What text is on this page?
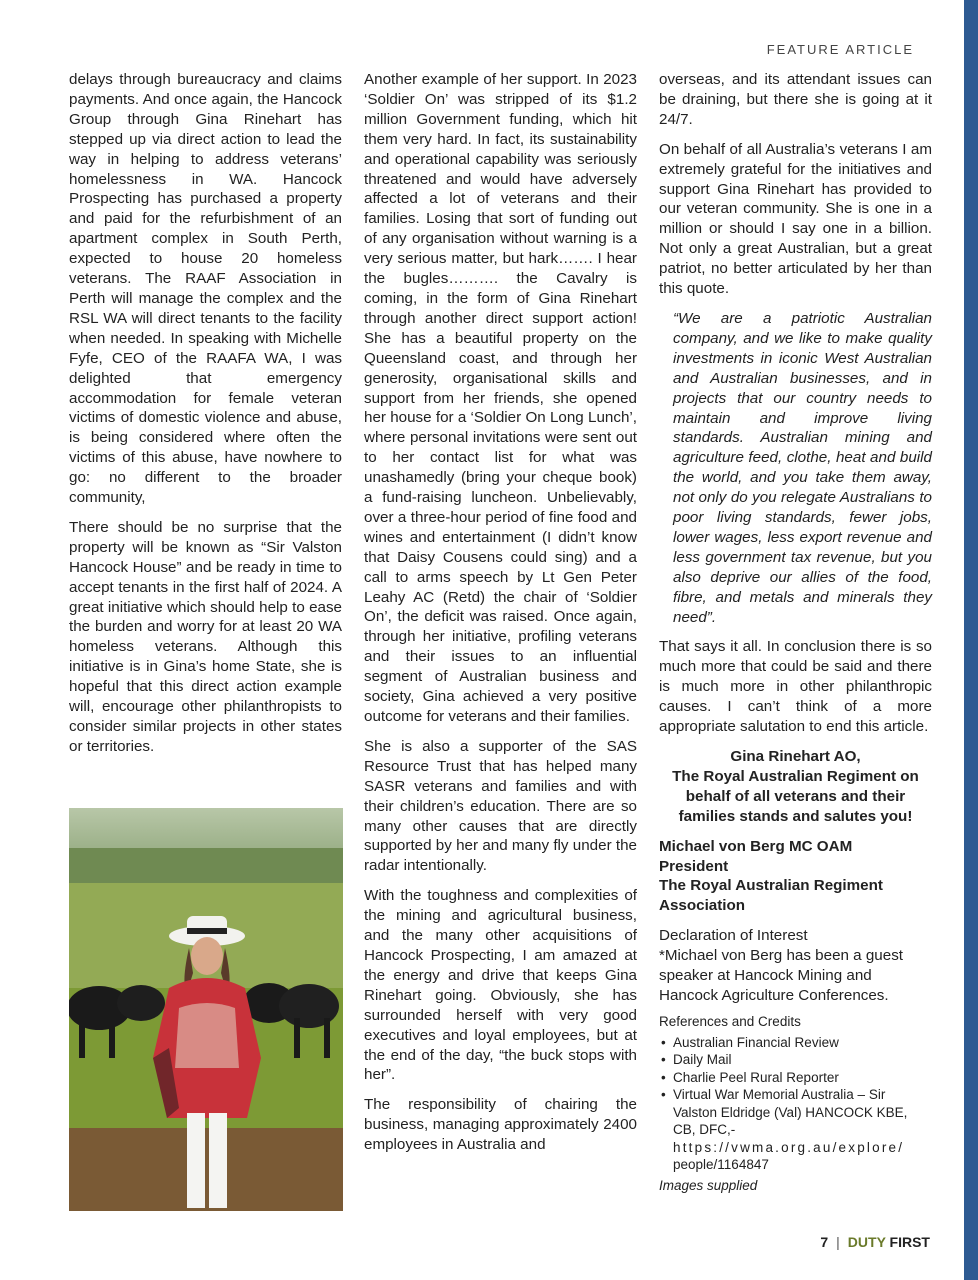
FEATURE ARTICLE

delays through bureaucracy and claims payments. And once again, the Hancock Group through Gina Rinehart has stepped up via direct action to lead the way in helping to address veterans’ homelessness in WA. Hancock Prospecting has purchased a property and paid for the refurbishment of an apartment complex in South Perth, expected to house 20 homeless veterans. The RAAF Association in Perth will manage the complex and the RSL WA will direct tenants to the facility when needed. In speaking with Michelle Fyfe, CEO of the RAAFA WA, I was delighted that emergency accommodation for female veteran victims of domestic violence and abuse, is being considered where often the victims of this abuse, have nowhere to go: no different to the broader community,

There should be no surprise that the property will be known as “Sir Valston Hancock House” and be ready in time to accept tenants in the first half of 2024. A great initiative which should help to ease the burden and worry for at least 20 WA homeless veterans. Although this initiative is in Gina’s home State, she is hopeful that this direct action example will, encourage other philanthropists to consider similar projects in other states or territories.

Another example of her support. In 2023 ‘Soldier On’ was stripped of its $1.2 million Government funding, which hit them very hard. In fact, its sustainability and operational capability was seriously threatened and would have adversely affected a lot of veterans and their families. Losing that sort of funding out of any organisation without warning is a very serious matter, but hark……. I hear the bugles………. the Cavalry is coming, in the form of Gina Rinehart through another direct support action! She has a beautiful property on the Queensland coast, and through her generosity, organisational skills and support from her friends, she opened her house for a ‘Soldier On Long Lunch’, where personal invitations were sent out to her contact list for what was unashamedly (bring your cheque book) a fund-raising luncheon. Unbelievably, over a three-hour period of fine food and wines and entertainment (I didn’t know that Daisy Cousens could sing) and a call to arms speech by Lt Gen Peter Leahy AC (Retd) the chair of ‘Soldier On’, the deficit was raised. Once again, through her initiative, profiling veterans and their issues to an influential segment of Australian business and society, Gina achieved a very positive outcome for veterans and their families.

She is also a supporter of the SAS Resource Trust that has helped many SASR veterans and families and with their children’s education. There are so many other causes that are directly supported by her and many fly under the radar intentionally.

With the toughness and complexities of the mining and agricultural business, and the many other acquisitions of Hancock Prospecting, I am amazed at the energy and drive that keeps Gina Rinehart going. Obviously, she has surrounded herself with very good executives and loyal employees, but at the end of the day, “the buck stops with her”.

The responsibility of chairing the business, managing approximately 2400 employees in Australia and

overseas, and its attendant issues can be draining, but there she is going at it 24/7.

On behalf of all Australia’s veterans I am extremely grateful for the initiatives and support Gina Rinehart has provided to our veteran community. She is one in a million or should I say one in a billion. Not only a great Australian, but a great patriot, no better articulated by her than this quote.

“We are a patriotic Australian company, and we like to make quality investments in iconic West Australian and Australian businesses, and in projects that our country needs to maintain and improve living standards. Australian mining and agriculture feed, clothe, heat and build the world, and you take them away, not only do you relegate Australians to poor living standards, fewer jobs, lower wages, less export revenue and less government tax revenue, but you also deprive our allies of the food, fibre, and metals and minerals they need”.

That says it all. In conclusion there is so much more that could be said and there is much more in other philanthropic causes. I can’t think of a more appropriate salutation to end this article.

Gina Rinehart AO,
The Royal Australian Regiment on behalf of all veterans and their families stands and salutes you!

Michael von Berg MC OAM
President
The Royal Australian Regiment Association

Declaration of Interest
*Michael von Berg has been a guest speaker at Hancock Mining and Hancock Agriculture Conferences.

References and Credits
• Australian Financial Review
• Daily Mail
• Charlie Peel Rural Reporter
• Virtual War Memorial Australia – Sir Valston Eldridge (Val) HANCOCK KBE, CB, DFC,-
https://vwma.org.au/explore/
people/1164847
Images supplied
7 | DUTY FIRST
